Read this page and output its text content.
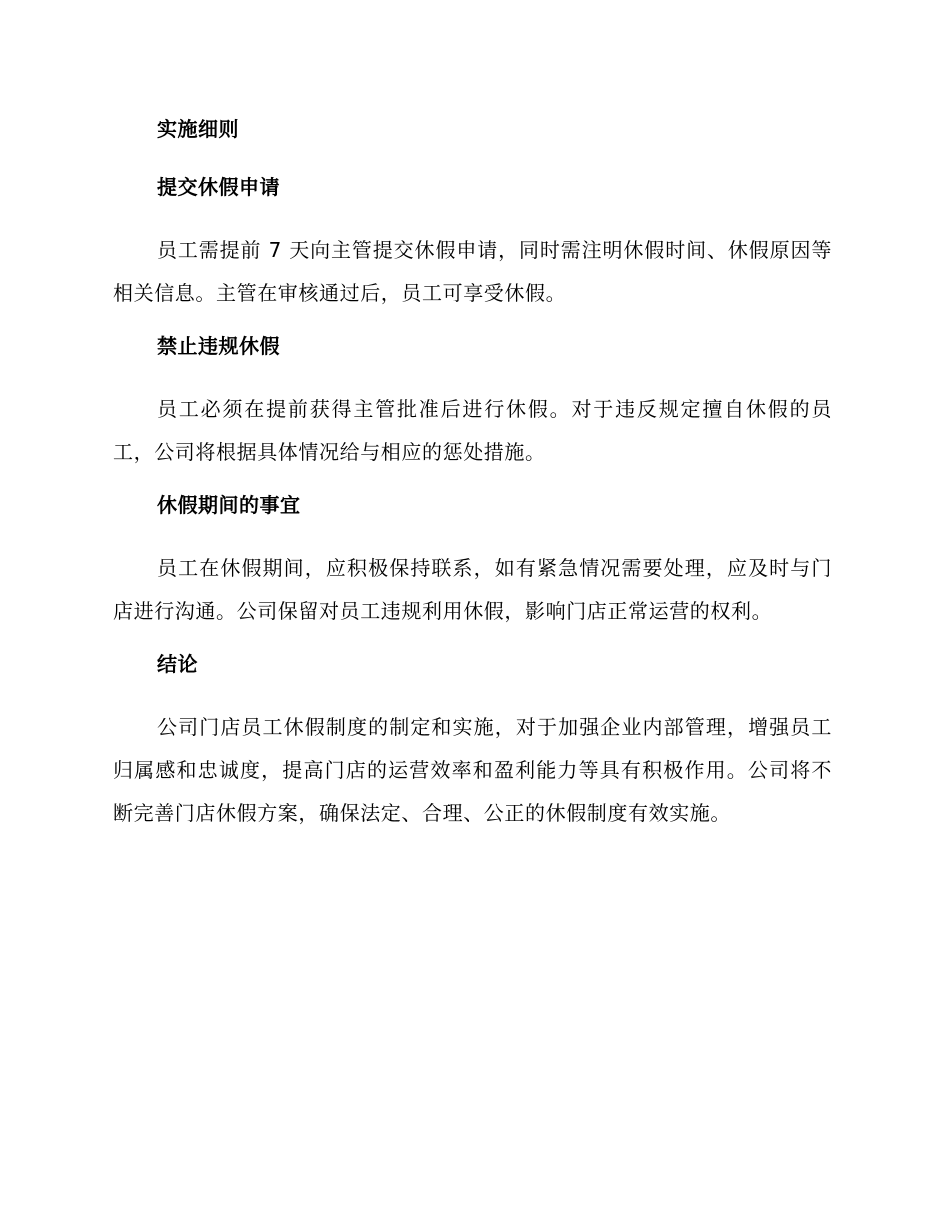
实施细则
提交休假申请

员工需提前 7 天向主管提交休假申请，同时需注明休假时间、休假原因等相关信息。主管在审核通过后，员工可享受休假。

禁止违规休假

员工必须在提前获得主管批准后进行休假。对于违反规定擅自休假的员工，公司将根据具体情况给与相应的惩处措施。

休假期间的事宜

员工在休假期间，应积极保持联系，如有紧急情况需要处理，应及时与门店进行沟通。公司保留对员工违规利用休假，影响门店正常运营的权利。

结论

公司门店员工休假制度的制定和实施，对于加强企业内部管理，增强员工归属感和忠诚度，提高门店的运营效率和盈利能力等具有积极作用。公司将不断完善门店休假方案，确保法定、合理、公正的休假制度有效实施。
